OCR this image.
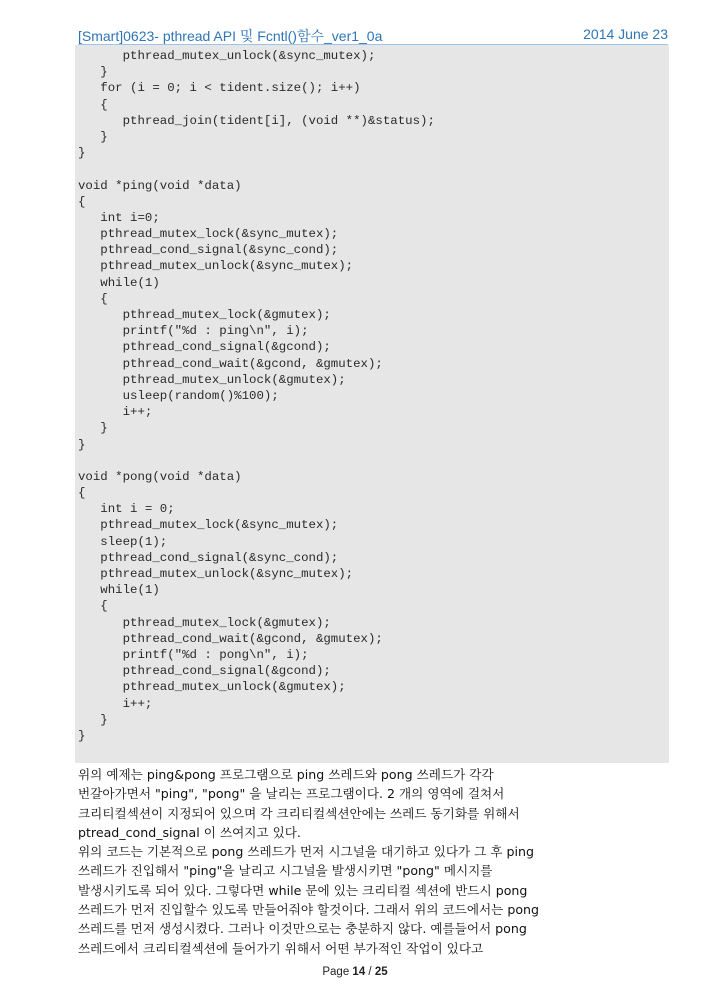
[Smart]0623- pthread API 및 Fcntl()함수_ver1_0a	2014 June 23
pthread_mutex_unlock(&sync_mutex);
}
for (i = 0; i < tident.size(); i++)
{
pthread_join(tident[i], (void **)&status);
}
}
void *ping(void *data)
{
int i=0;
pthread_mutex_lock(&sync_mutex);
pthread_cond_signal(&sync_cond);
pthread_mutex_unlock(&sync_mutex);
while(1)
{
pthread_mutex_lock(&gmutex);
printf("%d : ping\n", i);
pthread_cond_signal(&gcond);
pthread_cond_wait(&gcond, &gmutex);
pthread_mutex_unlock(&gmutex);
usleep(random()%100);
i++;
}
}
void *pong(void *data)
{
int i = 0;
pthread_mutex_lock(&sync_mutex);
sleep(1);
pthread_cond_signal(&sync_cond);
pthread_mutex_unlock(&sync_mutex);
while(1)
{
pthread_mutex_lock(&gmutex);
pthread_cond_wait(&gcond, &gmutex);
printf("%d : pong\n", i);
pthread_cond_signal(&gcond);
pthread_mutex_unlock(&gmutex);
i++;
}
}
위의 예제는 ping&pong 프로그램으로 ping 쓰레드와 pong 쓰레드가 각각
번갈아가면서 "ping", "pong" 을 날리는 프로그램이다. 2 개의 영역에 걸쳐서
크리티컬섹션이 지정되어 있으며 각 크리티컬섹션안에는 쓰레드 동기화를 위해서
ptread_cond_signal 이 쓰여지고 있다.
위의 코드는 기본적으로 pong 쓰레드가 먼저 시그널을 대기하고 있다가 그 후 ping
쓰레드가 진입해서 "ping"을 날리고 시그널을 발생시키면 "pong" 메시지를
발생시키도록 되어 있다. 그렇다면 while 문에 있는 크리티컬 섹션에 반드시 pong
쓰레드가 먼저 진입할수 있도록 만들어줘야 할것이다. 그래서 위의 코드에서는 pong
쓰레드를 먼저 생성시켰다. 그러나 이것만으로는 충분하지 않다. 예를들어서 pong
쓰레드에서 크리티컬섹션에 들어가기 위해서 어떤 부가적인 작업이 있다고
Page 14 / 25
